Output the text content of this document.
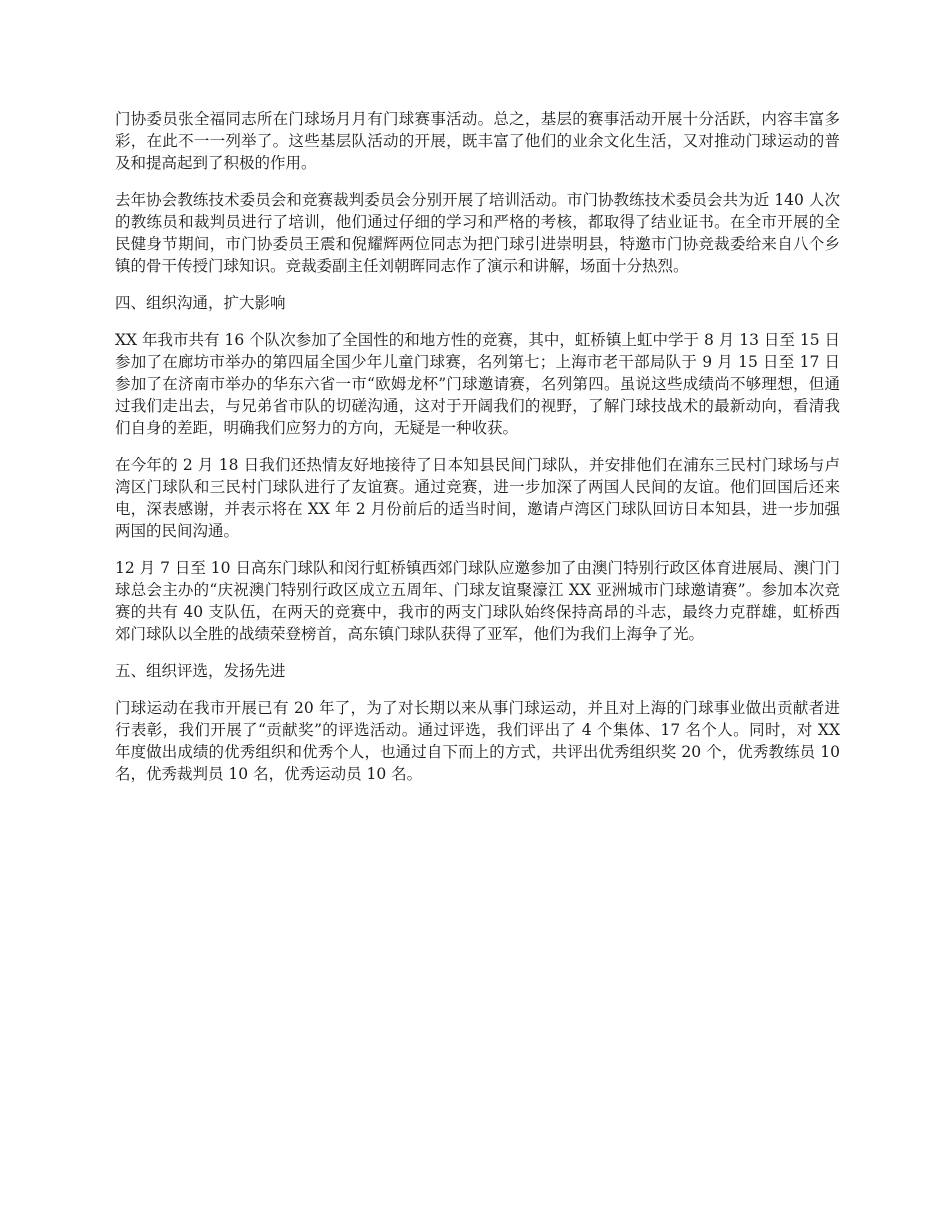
门协委员张全福同志所在门球场月月有门球赛事活动。总之，基层的赛事活动开展十分活跃，内容丰富多彩，在此不一一列举了。这些基层队活动的开展，既丰富了他们的业余文化生活，又对推动门球运动的普及和提高起到了积极的作用。

去年协会教练技术委员会和竞赛裁判委员会分别开展了培训活动。市门协教练技术委员会共为近 140 人次的教练员和裁判员进行了培训，他们通过仔细的学习和严格的考核，都取得了结业证书。在全市开展的全民健身节期间，市门协委员王震和倪耀辉两位同志为把门球引进崇明县，特邀市门协竞裁委给来自八个乡镇的骨干传授门球知识。竞裁委副主任刘朝晖同志作了演示和讲解，场面十分热烈。

四、组织沟通，扩大影响

XX 年我市共有 16 个队次参加了全国性的和地方性的竞赛，其中，虹桥镇上虹中学于 8 月 13 日至 15 日参加了在廊坊市举办的第四届全国少年儿童门球赛，名列第七；上海市老干部局队于 9 月 15 日至 17 日参加了在济南市举办的华东六省一市“欧姆龙杯”门球邀请赛，名列第四。虽说这些成绩尚不够理想，但通过我们走出去，与兄弟省市队的切磋沟通，这对于开阔我们的视野，了解门球技战术的最新动向，看清我们自身的差距，明确我们应努力的方向，无疑是一种收获。

在今年的 2 月 18 日我们还热情友好地接待了日本知县民间门球队，并安排他们在浦东三民村门球场与卢湾区门球队和三民村门球队进行了友谊赛。通过竞赛，进一步加深了两国人民间的友谊。他们回国后还来电，深表感谢，并表示将在 XX 年 2 月份前后的适当时间，邀请卢湾区门球队回访日本知县，进一步加强两国的民间沟通。

12 月 7 日至 10 日高东门球队和闵行虹桥镇西郊门球队应邀参加了由澳门特别行政区体育进展局、澳门门球总会主办的“庆祝澳门特别行政区成立五周年、门球友谊聚濠江 XX 亚洲城市门球邀请赛”。参加本次竞赛的共有 40 支队伍，在两天的竞赛中，我市的两支门球队始终保持高昂的斗志，最终力克群雄，虹桥西郊门球队以全胜的战绩荣登榜首，高东镇门球队获得了亚军，他们为我们上海争了光。

五、组织评选，发扬先进

门球运动在我市开展已有 20 年了，为了对长期以来从事门球运动，并且对上海的门球事业做出贡献者进行表彰，我们开展了“贡献奖”的评选活动。通过评选，我们评出了 4 个集体、17 名个人。同时，对 XX 年度做出成绩的优秀组织和优秀个人，也通过自下而上的方式，共评出优秀组织奖 20 个，优秀教练员 10 名，优秀裁判员 10 名，优秀运动员 10 名。
